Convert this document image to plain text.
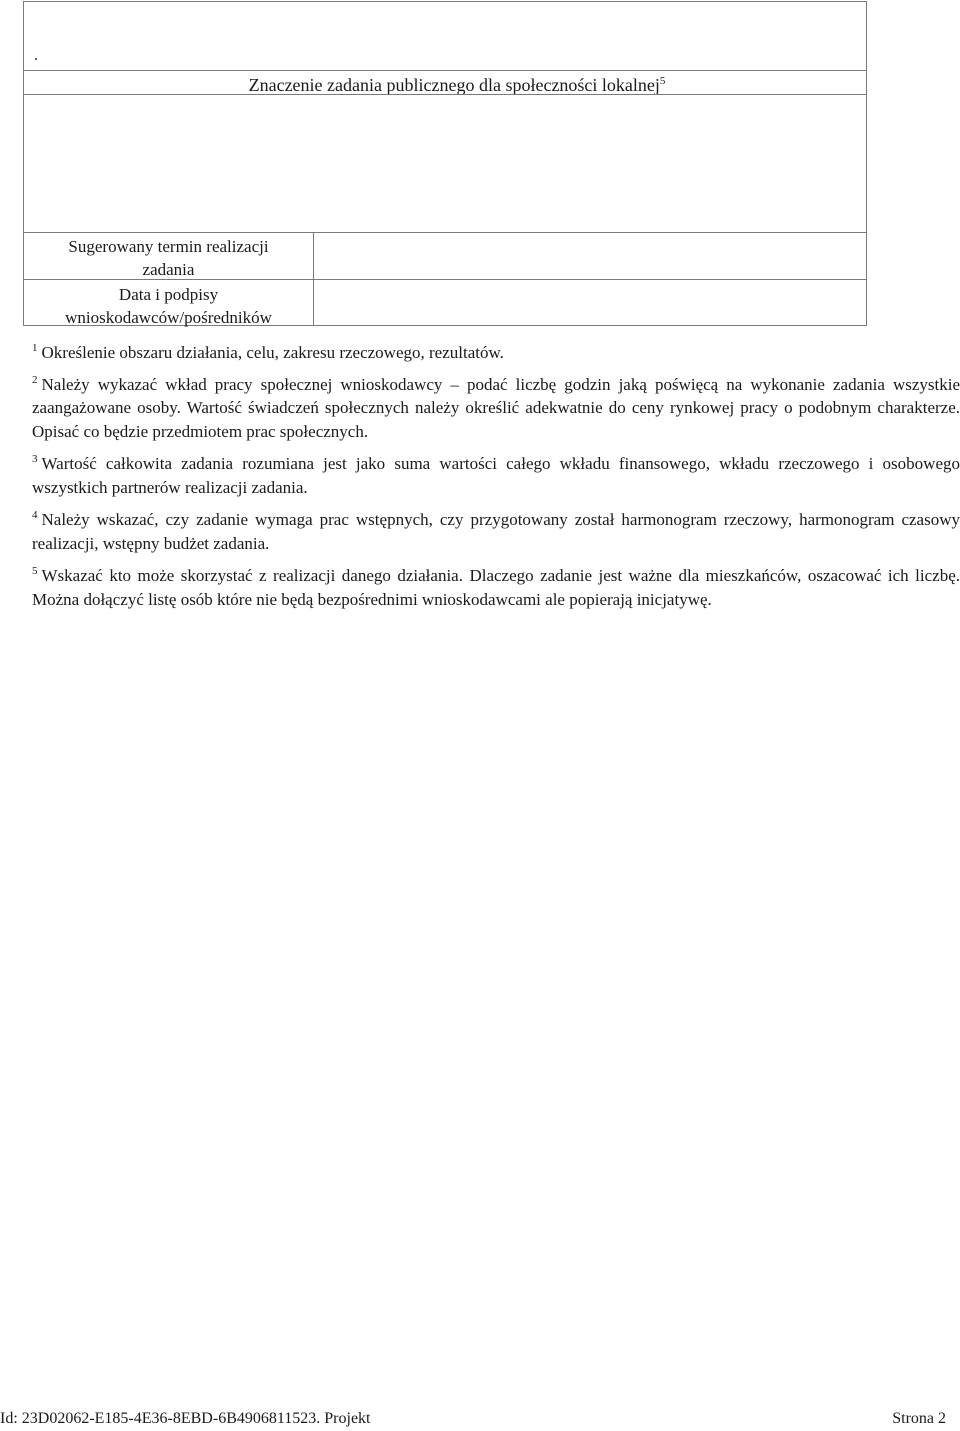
.
Znaczenie zadania publicznego dla społeczności lokalnej$^5$
Sugerowany termin realizacji
zadania
Data i podpisy
wnioskodawców/pośredników

$^1$ Określenie obszaru działania, celu, zakresu rzeczowego, rezultatów.

$^2$ Należy wykazać wkład pracy społecznej wnioskodawcy – podać liczbę godzin jaką poświęcą na wykonanie zadania wszystkie zaangażowane osoby. Wartość świadczeń społecznych należy określić adekwatnie do ceny rynkowej pracy o podobnym charakterze. Opisać co będzie przedmiotem prac społecznych.

$^3$ Wartość całkowita zadania rozumiana jest jako suma wartości całego wkładu finansowego, wkładu rzeczowego i osobowego wszystkich partnerów realizacji zadania.

$^4$ Należy wskazać, czy zadanie wymaga prac wstępnych, czy przygotowany został harmonogram rzeczowy, harmonogram czasowy realizacji, wstępny budżet zadania.

$^5$ Wskazać kto może skorzystać z realizacji danego działania. Dlaczego zadanie jest ważne dla mieszkańców, oszacować ich liczbę. Można dołączyć listę osób które nie będą bezpośrednimi wnioskodawcami ale popierają inicjatywę.

Id: 23D02062-E185-4E36-8EBD-6B4906811523. Projekt	Strona 2
